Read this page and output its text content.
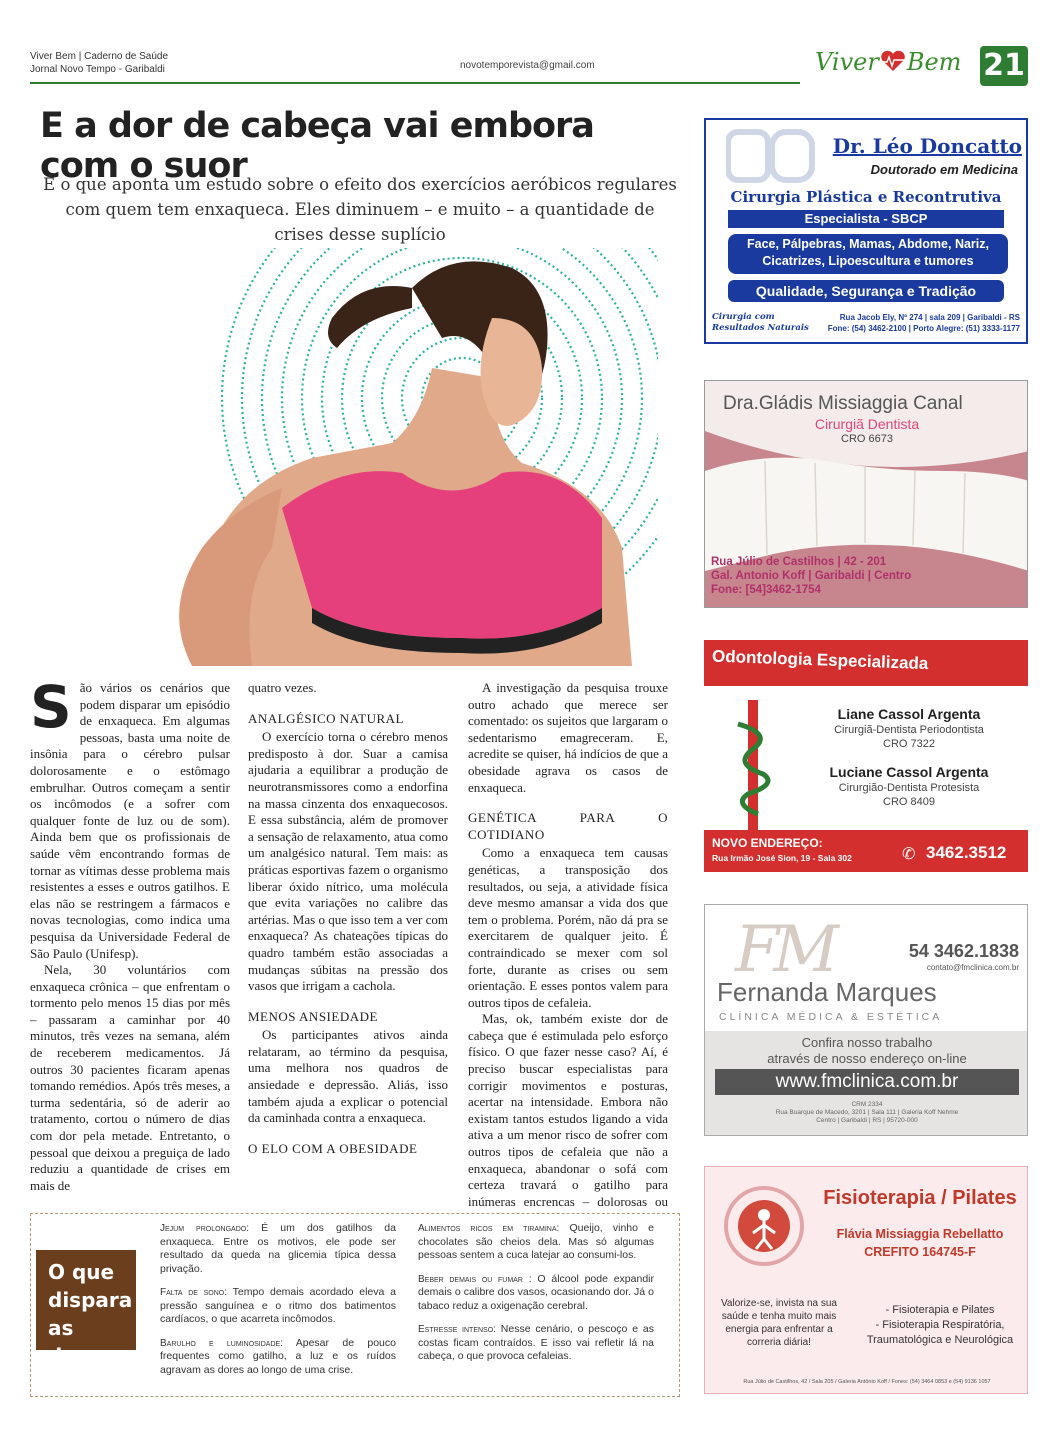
Viver Bem | Caderno de Saúde
Jornal Novo Tempo - Garibaldi	novotemporevista@gmail.com	Viver Bem 21
E a dor de cabeça vai embora com o suor
É o que aponta um estudo sobre o efeito dos exercícios aeróbicos regulares com quem tem enxaqueca. Eles diminuem – e muito – a quantidade de crises desse suplício
S ão vários os cenários que podem disparar um episódio de enxaqueca. Em algumas pessoas, basta uma noite de insônia para o cérebro pulsar dolorosamente e o estômago embrulhar. Outros começam a sentir os incômodos (e a sofrer com qualquer fonte de luz ou de som). Ainda bem que os profissionais de saúde vêm encontrando formas de tornar as vítimas desse problema mais resistentes a esses e outros gatilhos. E elas não se restringem a fármacos e novas tecnologias, como indica uma pesquisa da Universidade Federal de São Paulo (Unifesp).

Nela, 30 voluntários com enxaqueca crônica – que enfrentam o tormento pelo menos 15 dias por mês – passaram a caminhar por 40 minutos, três vezes na semana, além de receberem medicamentos. Já outros 30 pacientes ficaram apenas tomando remédios. Após três meses, a turma sedentária, só de aderir ao tratamento, cortou o número de dias com dor pela metade. Entretanto, o pessoal que deixou a preguiça de lado reduziu a quantidade de crises em mais de

quatro vezes.

ANALGÉSICO NATURAL

O exercício torna o cérebro menos predisposto à dor. Suar a camisa ajudaria a equilibrar a produção de neurotransmissores como a endorfina na massa cinzenta dos enxaquecosos. E essa substância, além de promover a sensação de relaxamento, atua como um analgésico natural. Tem mais: as práticas esportivas fazem o organismo liberar óxido nítrico, uma molécula que evita variações no calibre das artérias. Mas o que isso tem a ver com enxaqueca? As chateações típicas do quadro também estão associadas a mudanças súbitas na pressão dos vasos que irrigam a cachola.

MENOS ANSIEDADE

Os participantes ativos ainda relataram, ao término da pesquisa, uma melhora nos quadros de ansiedade e depressão. Aliás, isso também ajuda a explicar o potencial da caminhada contra a enxaqueca.

O ELO COM A OBESIDADE

A investigação da pesquisa trouxe outro achado que merece ser comentado: os sujeitos que largaram o sedentarismo emagreceram. E, acredite se quiser, há indícios de que a obesidade agrava os casos de enxaqueca.

GENÉTICA PARA O COTIDIANO

Como a enxaqueca tem causas genéticas, a transposição dos resultados, ou seja, a atividade física deve mesmo amansar a vida dos que tem o problema. Porém, não dá pra se exercitarem de qualquer jeito. É contraindicado se mexer com sol forte, durante as crises ou sem orientação. E esses pontos valem para outros tipos de cefaleia.

Mas, ok, também existe dor de cabeça que é estimulada pelo esforço físico. O que fazer nesse caso? Aí, é preciso buscar especialistas para corrigir movimentos e posturas, acertar na intensidade. Embora não existam tantos estudos ligando a vida ativa a um menor risco de sofrer com outros tipos de cefaleia que não a enxaqueca, abandonar o sofá com certeza travará o gatilho para inúmeras encrencas – dolorosas ou

O que dispara as dores

Jejum prolongado: É um dos gatilhos da enxaqueca. Entre os motivos, ele pode ser resultado da queda na glicemia típica dessa privação.

Falta de sono: Tempo demais acordado eleva a pressão sanguínea e o ritmo dos batimentos cardíacos, o que acarreta incômodos.

Barulho e luminosidade: Apesar de pouco frequentes como gatilho, a luz e os ruídos agravam as dores ao longo de uma crise.

Alimentos ricos em tiramina: Queijo, vinho e chocolates são cheios dela. Mas só algumas pessoas sentem a cuca latejar ao consumi-los.

Beber demais ou fumar : O álcool pode expandir demais o calibre dos vasos, ocasionando dor. Já o tabaco reduz a oxigenação cerebral.

Estresse intenso: Nesse cenário, o pescoço e as costas ficam contraídos. E isso vai refletir lá na cabeça, o que provoca cefaleias.

Dr. Léo Doncatto
Doutorado em Medicina
Cirurgia Plástica e Recontrutiva
Especialista - SBCP
Face, Pálpebras, Mamas, Abdome, Nariz, Cicatrizes, Lipoescultura e tumores
Qualidade, Segurança e Tradição
Cirurgia com
Resultados Naturais
Rua Jacob Ely, Nº 274 | sala 209 | Garibaldi - RS
Fone: (54) 3462-2100 | Porto Alegre: (51) 3333-1177
Dra.Gládis Missiaggia Canal
Cirurgiã Dentista
CRO 6673
Rua Júlio de Castilhos | 42 - 201
Gal. Antonio Koff | Garibaldi | Centro
Fone: [54]3462-1754
Odontologia Especializada
Liane Cassol Argenta
Cirurgiã-Dentista Periodontista
CRO 7322
Luciane Cassol Argenta
Cirurgião-Dentista Protesista
CRO 8409
NOVO ENDEREÇO:
Rua Irmão José Sion, 19 - Sala 302	✆ 3462.3512
FM	54 3462.1838
contato@fmclinica.com.br
Fernanda Marques
CLÍNICA MÉDICA & ESTÉTICA
Confira nosso trabalho
através de nosso endereço on-line
www.fmclinica.com.br
CRM 2334
Rua Buarque de Macedo, 3201 | Sala 111 | Galeria Koff Nehme
Centro | Garibaldi | RS | 95720-000
Fisioterapia / Pilates
Flávia Missiaggia Rebellatto
CREFITO 164745-F
Valorize-se, invista na sua saúde e tenha muito mais energia para enfrentar a correria diária!
- Fisioterapia e Pilates
- Fisioterapia Respiratória,
Traumatológica e Neurológica
Rua Júlio de Castilhos, 42 / Sala 205 / Galeria Antônio Koff / Fones: (54) 3464 0853 e (54) 9136 1057
